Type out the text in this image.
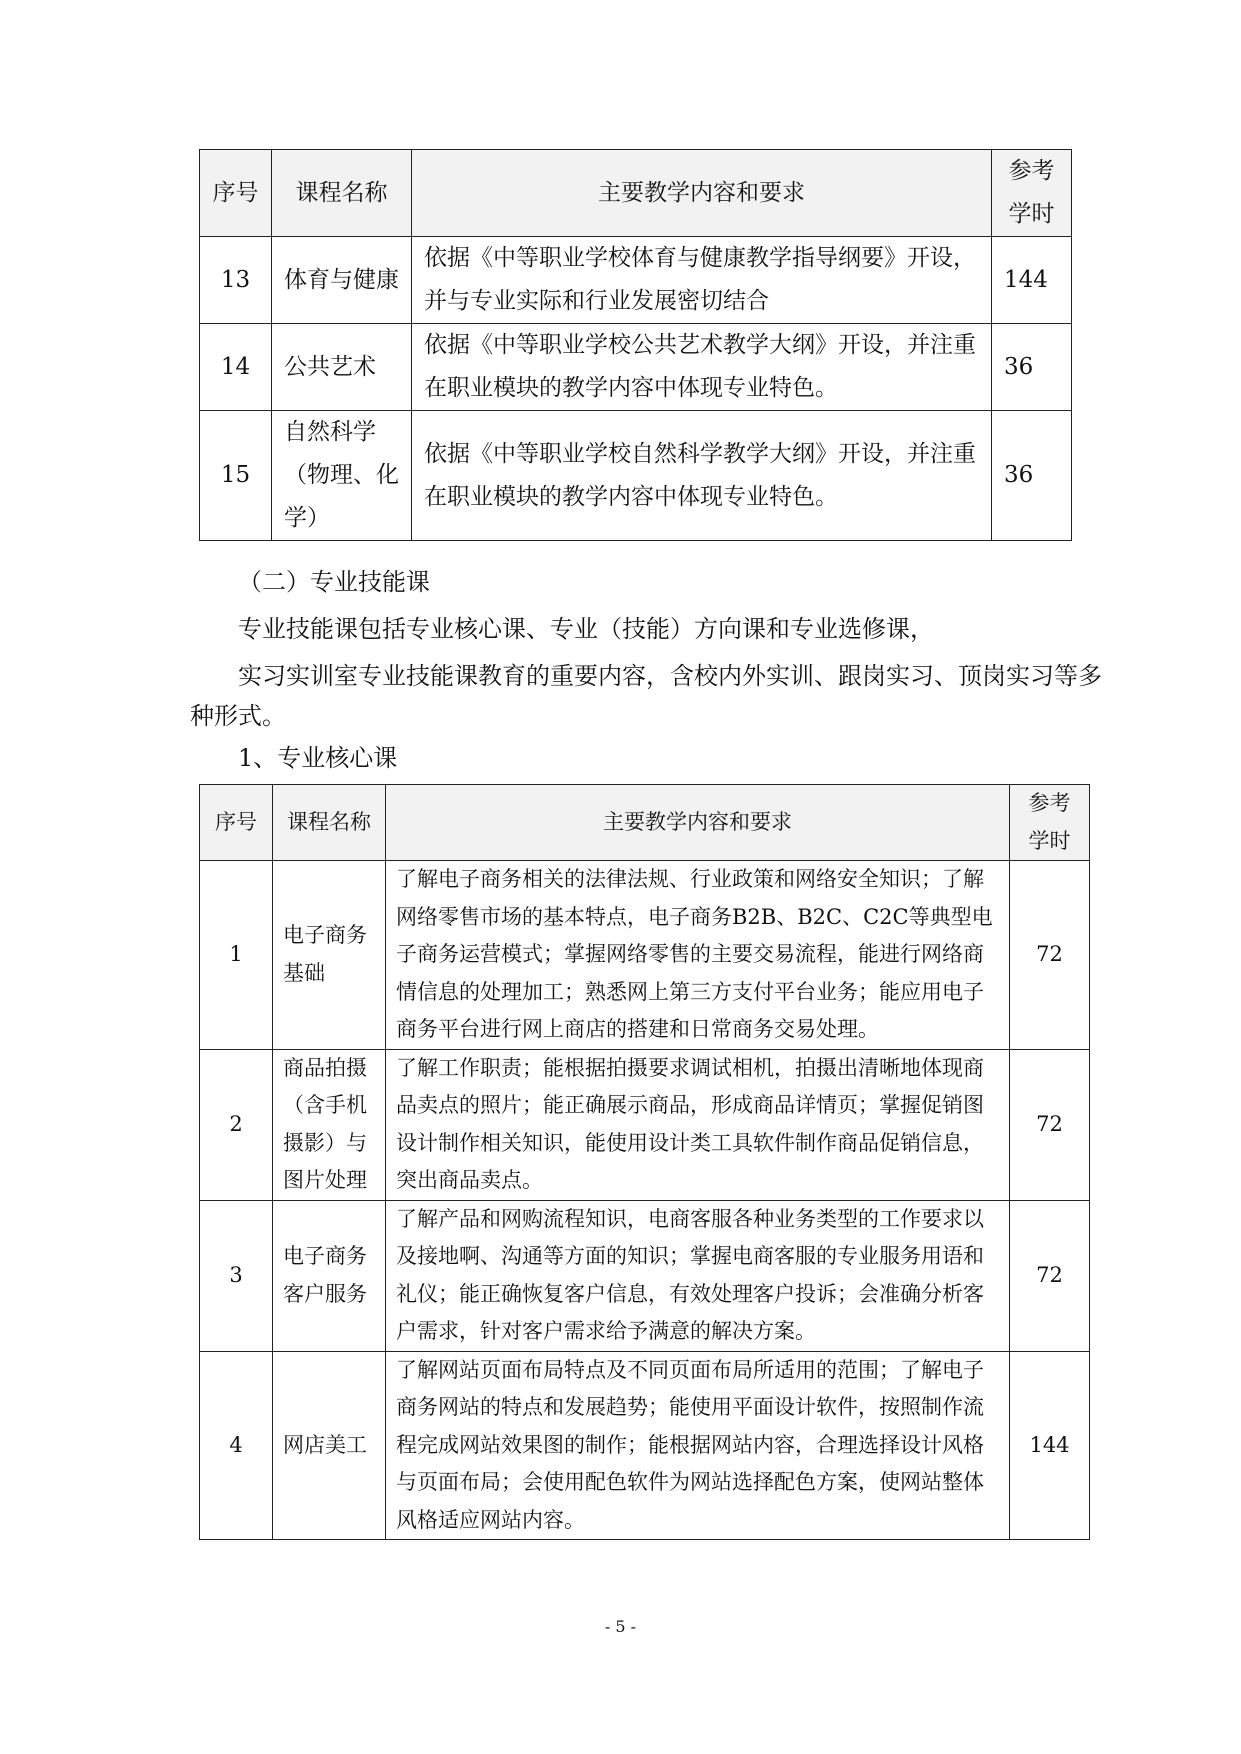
序号	课程名称	主要教学内容和要求	参考学时
13	体育与健康	依据《中等职业学校体育与健康教学指导纲要》开设，并与专业实际和行业发展密切结合	144
14	公共艺术	依据《中等职业学校公共艺术教学大纲》开设，并注重在职业模块的教学内容中体现专业特色。	36
15	自然科学（物理、化学）	依据《中等职业学校自然科学教学大纲》开设，并注重在职业模块的教学内容中体现专业特色。	36
（二）专业技能课
专业技能课包括专业核心课、专业（技能）方向课和专业选修课，
实习实训室专业技能课教育的重要内容，含校内外实训、跟岗实习、顶岗实习等多种形式。
1、专业核心课
序号	课程名称	主要教学内容和要求	参考学时
1	电子商务基础	了解电子商务相关的法律法规、行业政策和网络安全知识；了解网络零售市场的基本特点，电子商务B2B、B2C、C2C等典型电子商务运营模式；掌握网络零售的主要交易流程，能进行网络商情信息的处理加工；熟悉网上第三方支付平台业务；能应用电子商务平台进行网上商店的搭建和日常商务交易处理。	72
2	商品拍摄（含手机摄影）与图片处理	了解工作职责；能根据拍摄要求调试相机，拍摄出清晰地体现商品卖点的照片；能正确展示商品，形成商品详情页；掌握促销图设计制作相关知识，能使用设计类工具软件制作商品促销信息，突出商品卖点。	72
3	电子商务客户服务	了解产品和网购流程知识，电商客服各种业务类型的工作要求以及接地啊、沟通等方面的知识；掌握电商客服的专业服务用语和礼仪；能正确恢复客户信息，有效处理客户投诉；会准确分析客户需求，针对客户需求给予满意的解决方案。	72
4	网店美工	了解网站页面布局特点及不同页面布局所适用的范围；了解电子商务网站的特点和发展趋势；能使用平面设计软件，按照制作流程完成网站效果图的制作；能根据网站内容，合理选择设计风格与页面布局；会使用配色软件为网站选择配色方案，使网站整体风格适应网站内容。	144
- 5 -
